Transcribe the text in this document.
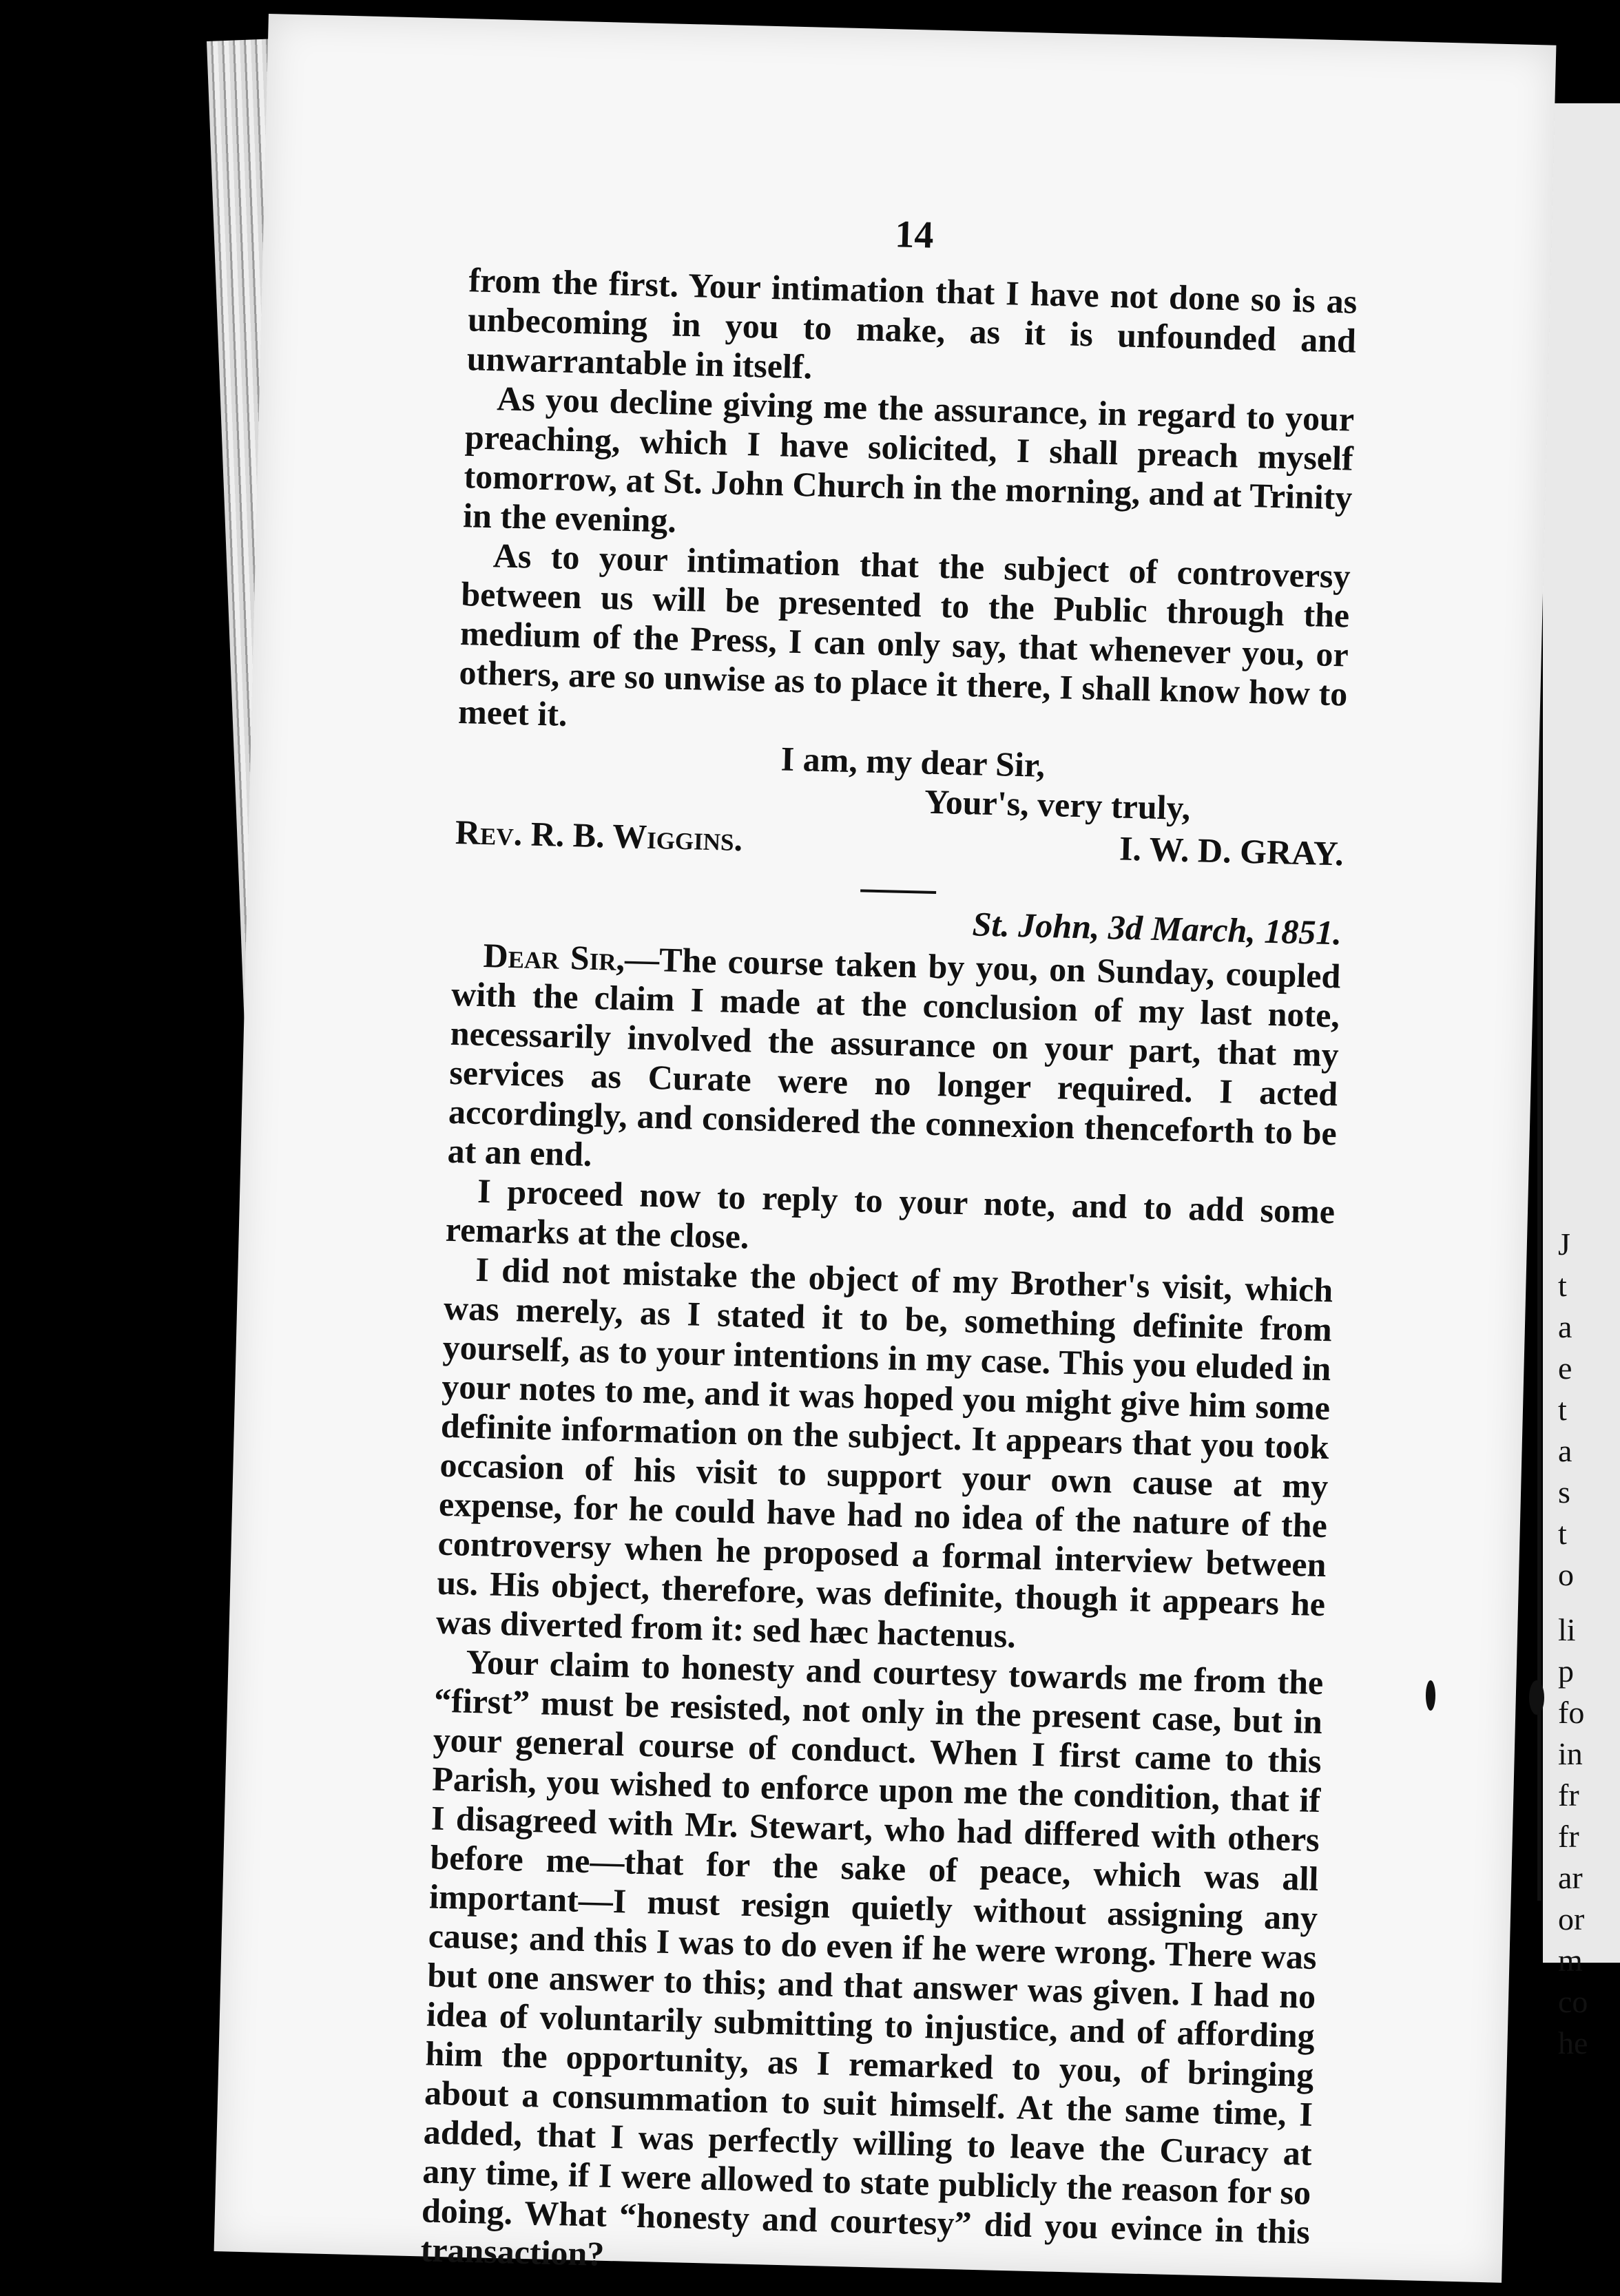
J
t
a
e
t
a
s
t
o
li
p
fo
in
fr
fr
ar
or
m
co
he
14

from the first. Your intimation that I have not done so is as unbecoming in you to make, as it is unfounded and unwarrantable in itself.

As you decline giving me the assurance, in regard to your preaching, which I have solicited, I shall preach myself tomorrow, at St. John Church in the morning, and at Trinity in the evening.

As to your intimation that the subject of controversy between us will be presented to the Public through the medium of the Press, I can only say, that whenever you, or others, are so unwise as to place it there, I shall know how to meet it.

I am, my dear Sir,
Your's, very truly,
Rev. R. B. Wiggins.	I. W. D. GRAY.
St. John, 3d March, 1851.

Dear Sir,—The course taken by you, on Sunday, coupled with the claim I made at the conclusion of my last note, necessarily involved the assurance on your part, that my services as Curate were no longer required. I acted accordingly, and considered the connexion thenceforth to be at an end.

I proceed now to reply to your note, and to add some remarks at the close.

I did not mistake the object of my Brother's visit, which was merely, as I stated it to be, something definite from yourself, as to your intentions in my case. This you eluded in your notes to me, and it was hoped you might give him some definite information on the subject. It appears that you took occasion of his visit to support your own cause at my expense, for he could have had no idea of the nature of the controversy when he proposed a formal interview between us. His object, therefore, was definite, though it appears he was diverted from it: sed hæc hactenus.

Your claim to honesty and courtesy towards me from the “first” must be resisted, not only in the present case, but in your general course of conduct. When I first came to this Parish, you wished to enforce upon me the condition, that if I disagreed with Mr. Stewart, who had differed with others before me—that for the sake of peace, which was all important—I must resign quietly without assigning any cause; and this I was to do even if he were wrong. There was but one answer to this; and that answer was given. I had no idea of voluntarily submitting to injustice, and of affording him the opportunity, as I remarked to you, of bringing about a consummation to suit himself. At the same time, I added, that I was perfectly willing to leave the Curacy at any time, if I were allowed to state publicly the reason for so doing. What “honesty and courtesy” did you evince in this transaction?
